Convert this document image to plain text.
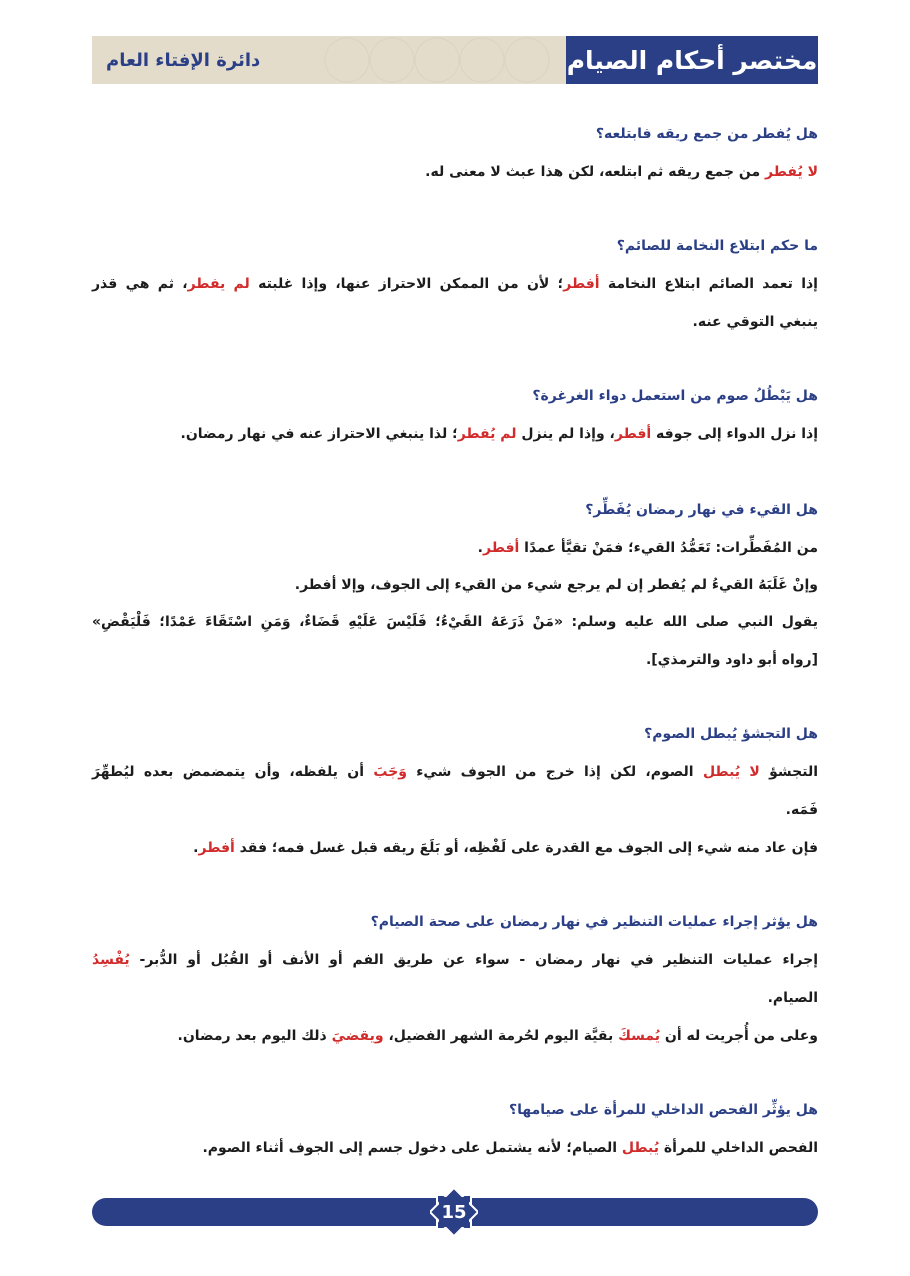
دائرة الإفتاء العام	مختصر أحكام الصيام
هل يُفطر من جمع ريقه فابتلعه؟
لا يُفطر من جمع ريقه ثم ابتلعه، لكن هذا عبث لا معنى له.
ما حكم ابتلاع النخامة للصائم؟
إذا تعمد الصائم ابتلاع النخامة أفطر؛ لأن من الممكن الاحتراز عنها، وإذا غلبته لم يفطر، ثم هي قذر
ينبغي التوقي عنه.
هل يَبْطُلُ صوم من استعمل دواء الغرغرة؟
إذا نزل الدواء إلى جوفه أفطر، وإذا لم ينزل لم يُفطر؛ لذا ينبغي الاحتراز عنه في نهار رمضان.
هل القيء في نهار رمضان يُفَطِّر؟
من المُفَطِّرات: تَعَمُّدُ القيء؛ فمَنْ تقيَّأ عمدًا أفطر.
وإنْ غَلَبَهُ القيءُ لم يُفطر إن لم يرجع شيء من القيء إلى الجوف، وإلا أفطر.
يقول النبي صلى الله عليه وسلم: «مَنْ ذَرَعَهُ القَيْءُ؛ فَلَيْسَ عَلَيْهِ قَضَاءٌ، وَمَنِ اسْتَقَاءَ عَمْدًا؛ فَلْيَقْضِ»
[رواه أبو داود والترمذي].
هل التجشؤ يُبطل الصوم؟
التجشؤ لا يُبطل الصوم، لكن إذا خرج من الجوف شيء وَجَبَ أن يلفظه، وأن يتمضمض بعده ليُطهِّرَ
فَمَه.
فإن عاد منه شيء إلى الجوف مع القدرة على لَفْظِه، أو بَلَعَ ريقه قبل غسل فمه؛ فقد أفطر.
هل يؤثر إجراء عمليات التنظير في نهار رمضان على صحة الصيام؟
إجراء عمليات التنظير في نهار رمضان - سواء عن طريق الفم أو الأنف أو القُبُل أو الدُّبر- يُفْسِدُ
الصيام.
وعلى من أُجريت له أن يُمسكَ بقيَّة اليوم لحُرمة الشهر الفضيل، ويقضيَ ذلك اليوم بعد رمضان.
هل يؤثِّر الفحص الداخلي للمرأة على صيامها؟
الفحص الداخلي للمرأة يُبطل الصيام؛ لأنه يشتمل على دخول جسم إلى الجوف أثناء الصوم.
15
